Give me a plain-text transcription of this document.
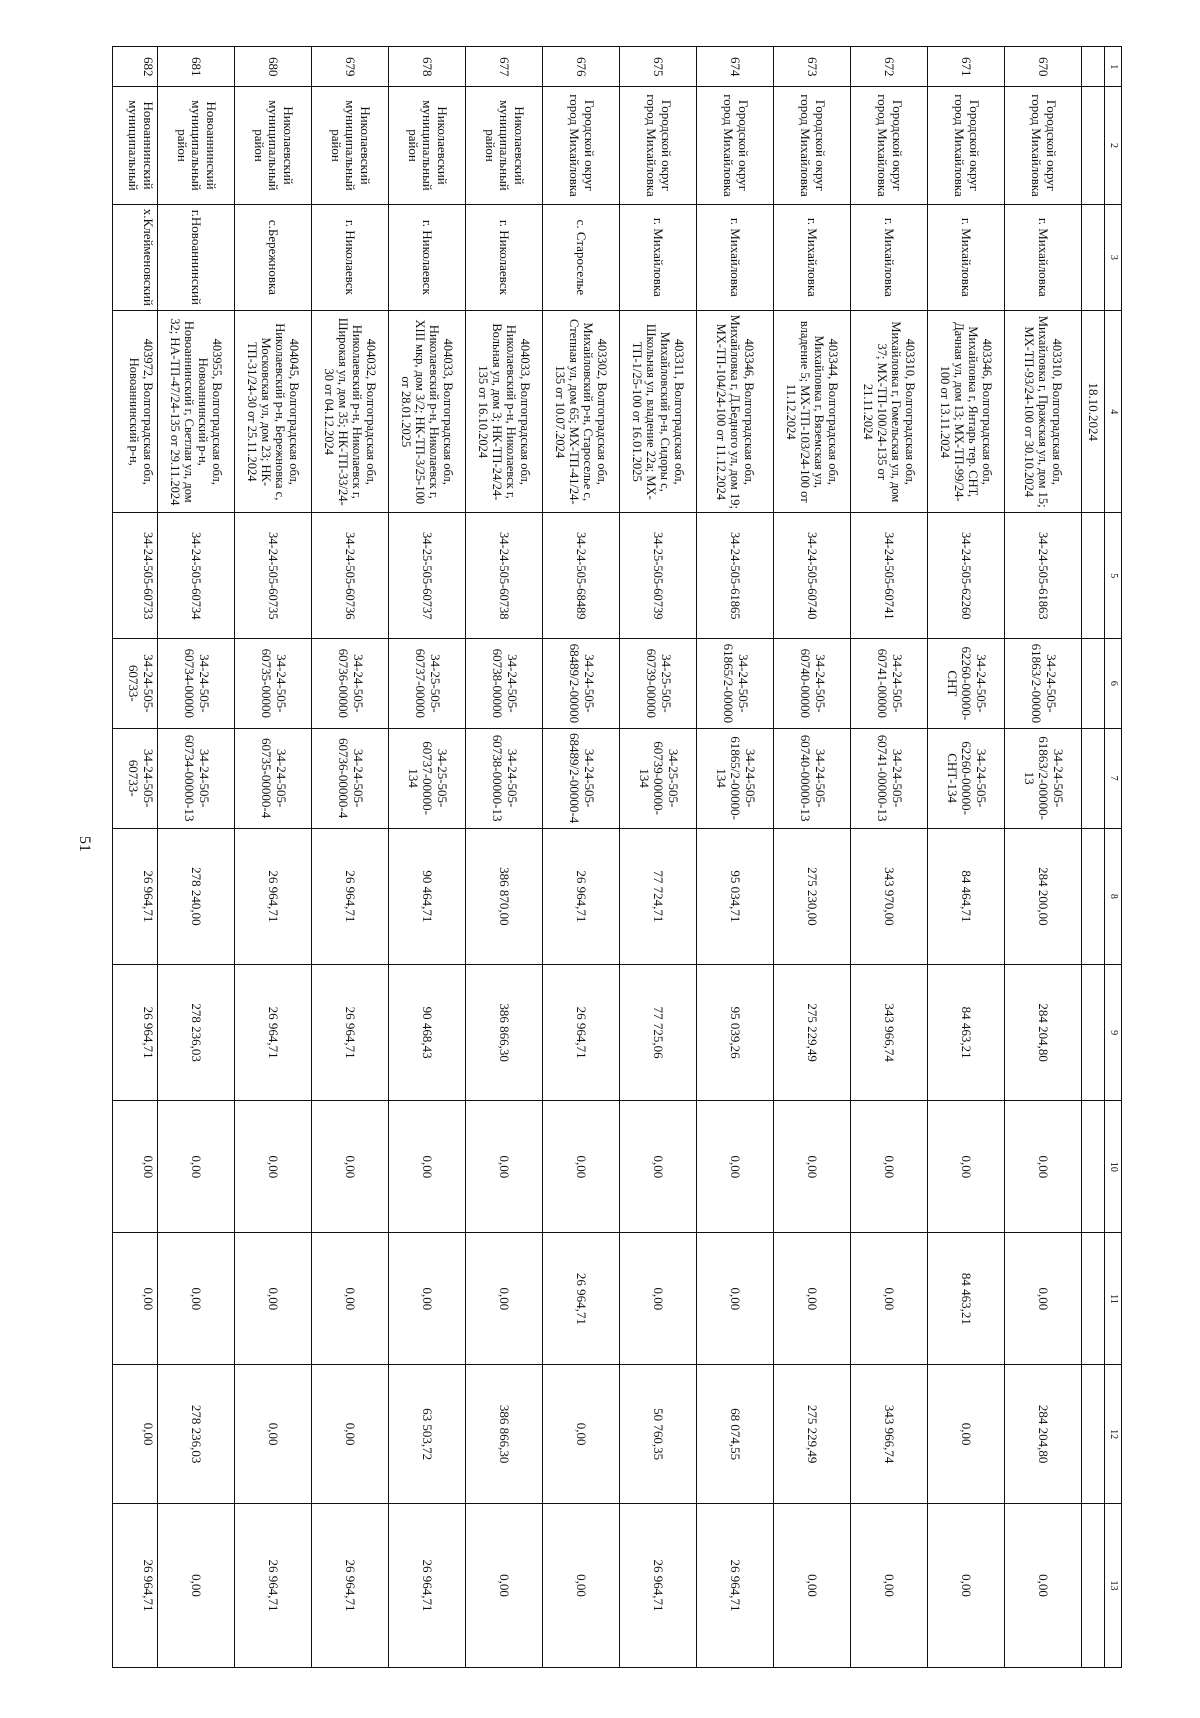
51
1	2	3	4	5	6	7	8	9	10	11	12	13
			18.10.2024									
670	Городской округ город Михайловка	г. Михайловка	403310, Волгоградская обл, Михайловка г, Пражская ул, дом 15; МХ-ТП-93/24-100 от 30.10.2024	34-24-505-61863	34-24-505-61863/2-00000	34-24-505-61863/2-00000-13	284 200,00	284 204,80	0,00	0,00	284 204,80	0,00
671	Городской округ город Михайловка	г. Михайловка	403346, Волгоградская обл, Михайловка г, Янтарь тер. СНТ, Дачная ул, дом 13; МХ-ТП-99/24-100 от 13.11.2024	34-24-505-62260	34-24-505-62260-00000-СНТ	34-24-505-62260-00000-СНТ-134	84 464,71	84 463,21	0,00	84 463,21	0,00	0,00
672	Городской округ город Михайловка	г. Михайловка	403310, Волгоградская обл, Михайловка г, Гомельская ул, дом 37; МХ-ТП-100/24-135 от 21.11.2024	34-24-505-60741	34-24-505-60741-00000	34-24-505-60741-00000-13	343 970,00	343 966,74	0,00	0,00	343 966,74	0,00
673	Городской округ город Михайловка	г. Михайловка	403344, Волгоградская обл, Михайловка г, Вяземская ул, владение 5; МХ-ТП-103/24-100 от 11.12.2024	34-24-505-60740	34-24-505-60740-00000	34-24-505-60740-00000-13	275 230,00	275 229,49	0,00	0,00	275 229,49	0,00
674	Городской округ город Михайловка	г. Михайловка	403346, Волгоградская обл, Михайловка г, Д.Бедного ул, дом 19; МХ-ТП-104/24-100 от 11.12.2024	34-24-505-61865	34-24-505-61865/2-00000	34-24-505-61865/2-00000-134	95 034,71	95 039,26	0,00	0,00	68 074,55	26 964,71
675	Городской округ город Михайловка	г. Михайловка	403311, Волгоградская обл, Михайловский р-н, Сидоры с, Школьная ул, владение 22а; МХ-ТП-1/25-100 от 16.01.2025	34-25-505-60739	34-25-505-60739-00000	34-25-505-60739-00000-134	77 724,71	77 725,06	0,00	0,00	50 760,35	26 964,71
676	Городской округ город Михайловка	с. Староселье	403302, Волгоградская обл, Михайловский р-н, Староселье с, Степная ул, дом 65; МХ-ТП-41/24-135 от 10.07.2024	34-24-505-68489	34-24-505-68489/2-00000	34-24-505-68489/2-00000-4	26 964,71	26 964,71	0,00	26 964,71	0,00	0,00
677	Николаевский муниципальный район	г. Николаевск	404033, Волгоградская обл, Николаевский р-н, Николаевск г, Вольная ул, дом 3; НК-ТП-24/24-135 от 16.10.2024	34-24-505-60738	34-24-505-60738-00000	34-24-505-60738-00000-13	386 870,00	386 866,30	0,00	0,00	386 866,30	0,00
678	Николаевский муниципальный район	г. Николаевск	404033, Волгоградская обл, Николаевский р-н, Николаевск г, XIII мкр, дом 3/2; НК-ТП-3/25-100 от 28.01.2025	34-25-505-60737	34-25-505-60737-00000	34-25-505-60737-00000-134	90 464,71	90 468,43	0,00	0,00	63 503,72	26 964,71
679	Николаевский муниципальный район	г. Николаевск	404032, Волгоградская обл, Николаевский р-н, Николаевск г, Широкая ул, дом 35; НК-ТП-33/24-30 от 04.12.2024	34-24-505-60736	34-24-505-60736-00000	34-24-505-60736-00000-4	26 964,71	26 964,71	0,00	0,00	0,00	26 964,71
680	Николаевский муниципальный район	с.Бережновка	404045, Волгоградская обл, Николаевский р-н, Бережновка с, Московская ул, дом 23; НК-ТП-31/24-30 от 25.11.2024	34-24-505-60735	34-24-505-60735-00000	34-24-505-60735-00000-4	26 964,71	26 964,71	0,00	0,00	0,00	26 964,71
681	Новоаннинский муниципальный район	г.Новоаннинский	403955, Волгоградская обл, Новоаннинский р-н, Новоаннинский г, Светлая ул, дом 32; НА-ТП-47/24-135 от 29.11.2024	34-24-505-60734	34-24-505-60734-00000	34-24-505-60734-00000-13	278 240,00	278 236,03	0,00	0,00	278 236,03	0,00
682	Новоаннинский муниципальный	х.Клейменовский	403972, Волгоградская обл, Новоаннинский р-н,	34-24-505-60733	34-24-505-60733-	34-24-505-60733-	26 964,71	26 964,71	0,00	0,00	0,00	26 964,71
